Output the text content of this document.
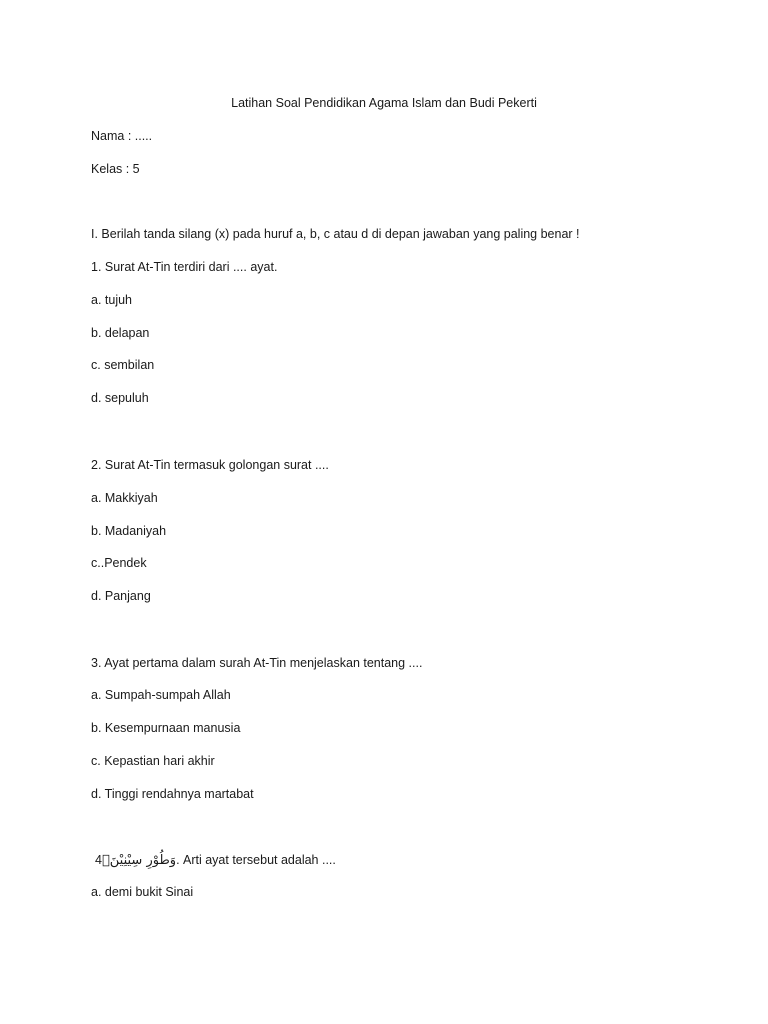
Latihan Soal Pendidikan Agama Islam dan Budi Pekerti
Nama : .....
Kelas : 5
I. Berilah tanda silang (x) pada huruf a, b, c atau d di depan jawaban yang paling benar !
1. Surat At-Tin terdiri dari .... ayat.
a. tujuh
b. delapan
c. sembilan
d. sepuluh
2. Surat At-Tin termasuk golongan surat ....
a. Makkiyah
b. Madaniyah
c..Pendek
d. Panjang
3. Ayat pertama dalam surah At-Tin menjelaskan tentang ....
a. Sumpah-sumpah Allah
b. Kesempurnaan manusia
c. Kepastian hari akhir
d. Tinggi rendahnya martabat
4وَطُوْرِ سِيْنِيْنَۙ. Arti ayat tersebut adalah ....
a. demi bukit Sinai
